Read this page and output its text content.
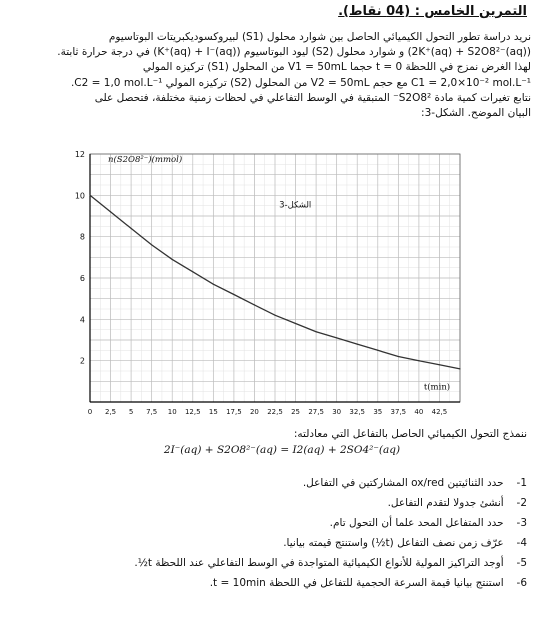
التمرين الخامس : (04 نقاط).

نريد دراسة تطور التحول الكيميائي الحاصل بين شوارد محلول (S1) لبيروكسوديكبريتات البوتاسيوم

(2K⁺(aq) + S2O8²⁻(aq)) و شوارد محلول (S2) ليود البوتاسيوم (K⁺(aq) + I⁻(aq)) في درجة حرارة ثابتة.

لهذا الغرض نمزج في اللحظة t = 0 حجما V1 = 50mL من المحلول (S1) تركيزه المولي

C1 = 2,0×10⁻² mol.L⁻¹ مع حجم V2 = 50mL من المحلول (S2) تركيزه المولي C2 = 1,0 mol.L⁻¹.

نتابع تغيرات كمية مادة S2O8²⁻ المتبقية في الوسط التفاعلي في لحظات زمنية مختلفة، فتحصل على

البيان الموضح. الشكل-3:

0 2,5 5 7,5 10 12,5 15 17,5 20 22,5 25 27,5 30 32,5 35 37,5 40 42,5
2
4
6
8
10
12
n(S2O8²⁻)(mmol)
t(min)
الشكل-3

ننمذج التحول الكيميائي الحاصل بالتفاعل التي معادلته:

2I⁻(aq) + S2O8²⁻(aq) = I2(aq) + 2SO4²⁻(aq)

1- حدد الثنائيتين ox/red المشاركتين في التفاعل.
2- أنشئ جدولا لتقدم التفاعل.
3- حدد المتفاعل المحد علما أن التحول تام.
4- عرّف زمن نصف التفاعل (t½) واستنتج قيمته بيانيا.
5- أوجد التراكيز المولية للأنواع الكيميائية المتواجدة في الوسط التفاعلي عند اللحظة t½.
6- استنتج بيانيا قيمة السرعة الحجمية للتفاعل في اللحظة t = 10min.
